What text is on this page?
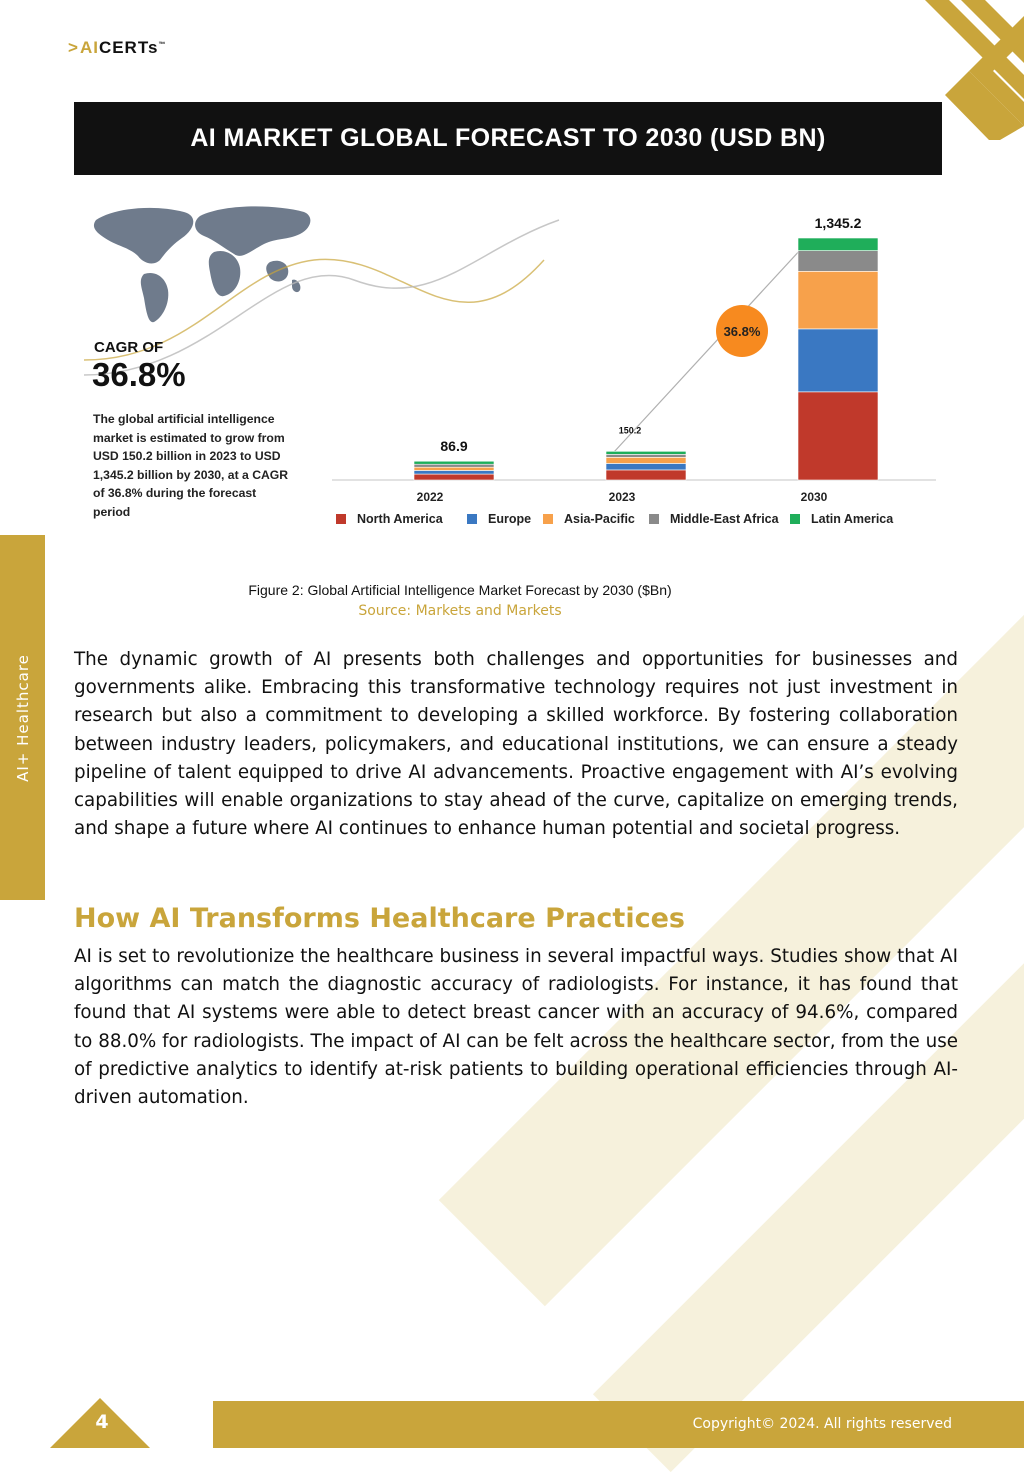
>AICERTs™
AI MARKET GLOBAL FORECAST TO 2030 (USD BN)
86.9
2022
150.2
2023
1,345.2
2030
36.8%
North America	Europe	Asia-Pacific	Middle-East Africa	Latin America
CAGR OF
36.8%
The global artificial intelligence market is estimated to grow from USD 150.2 billion in 2023 to USD 1,345.2 billion by 2030, at a CAGR of 36.8% during the forecast period
Figure 2: Global Artificial Intelligence Market Forecast by 2030 ($Bn)
Source: Markets and Markets

The dynamic growth of AI presents both challenges and opportunities for businesses and governments alike. Embracing this transformative technology requires not just investment in research but also a commitment to developing a skilled workforce. By fostering collaboration between industry leaders, policymakers, and educational institutions, we can ensure a steady pipeline of talent equipped to drive AI advancements. Proactive engagement with AI’s evolving capabilities will enable organizations to stay ahead of the curve, capitalize on emerging trends, and shape a future where AI continues to enhance human potential and societal progress.

How AI Transforms Healthcare Practices

AI is set to revolutionize the healthcare business in several impactful ways. Studies show that AI algorithms can match the diagnostic accuracy of radiologists. For instance, it has found that found that AI systems were able to detect breast cancer with an accuracy of 94.6%, compared to 88.0% for radiologists. The impact of AI can be felt across the healthcare sector, from the use of predictive analytics to identify at-risk patients to building operational efficiencies through AI-driven automation.

AI+ Healthcare
4	Copyright© 2024. All rights reserved
